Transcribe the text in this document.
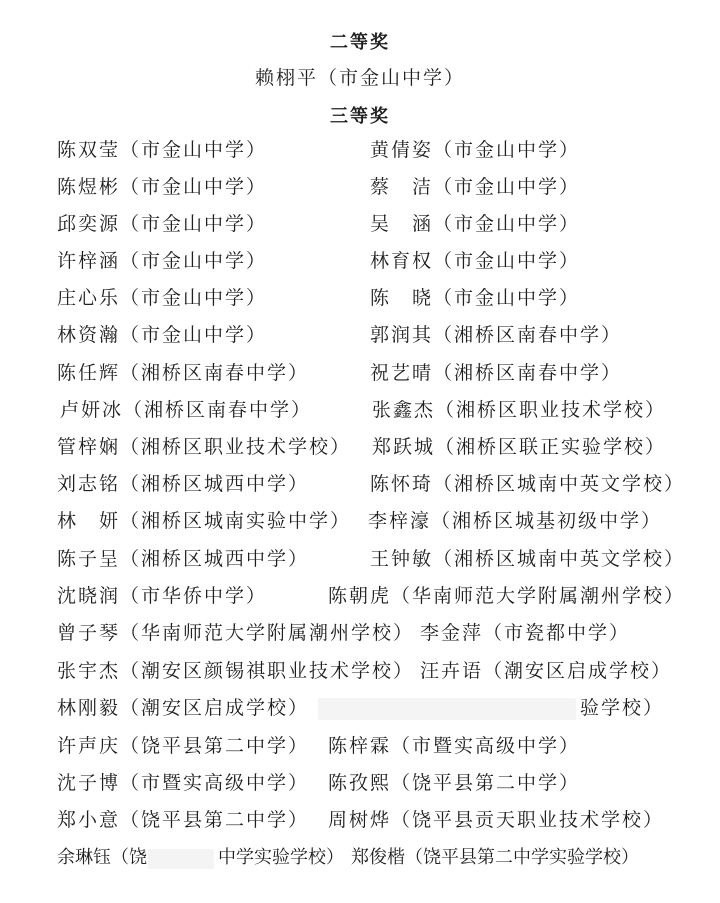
二等奖
赖栩平（市金山中学）
三等奖
陈双莹（市金山中学）	黄倩姿（市金山中学）
陈煜彬（市金山中学）	蔡　洁（市金山中学）
邱奕源（市金山中学）	吴　涵（市金山中学）
许梓涵（市金山中学）	林育权（市金山中学）
庄心乐（市金山中学）	陈　晓（市金山中学）
林资瀚（市金山中学）	郭润其（湘桥区南春中学）
陈任辉（湘桥区南春中学）	祝艺晴（湘桥区南春中学）
卢妍冰（湘桥区南春中学）	张鑫杰（湘桥区职业技术学校）
管梓娴（湘桥区职业技术学校） 郑跃城（湘桥区联正实验学校）
刘志铭（湘桥区城西中学）	陈怀琦（湘桥区城南中英文学校）
林　妍（湘桥区城南实验中学） 李梓濠（湘桥区城基初级中学）
陈子呈（湘桥区城西中学）	王钟敏（湘桥区城南中英文学校）
沈晓润（市华侨中学）	陈朝虎（华南师范大学附属潮州学校）
曾子琴（华南师范大学附属潮州学校） 李金萍（市瓷都中学）
张宇杰（潮安区颜锡祺职业技术学校） 汪卉语（潮安区启成学校）
林刚毅（潮安区启成学校）	验学校）
许声庆（饶平县第二中学） 陈梓霖（市暨实高级中学）
沈子博（市暨实高级中学） 陈孜熙（饶平县第二中学）
郑小意（饶平县第二中学） 周树烨（饶平县贡天职业技术学校）
余琳钰（饶	中学实验学校） 郑俊楷（饶平县第二中学实验学校）
